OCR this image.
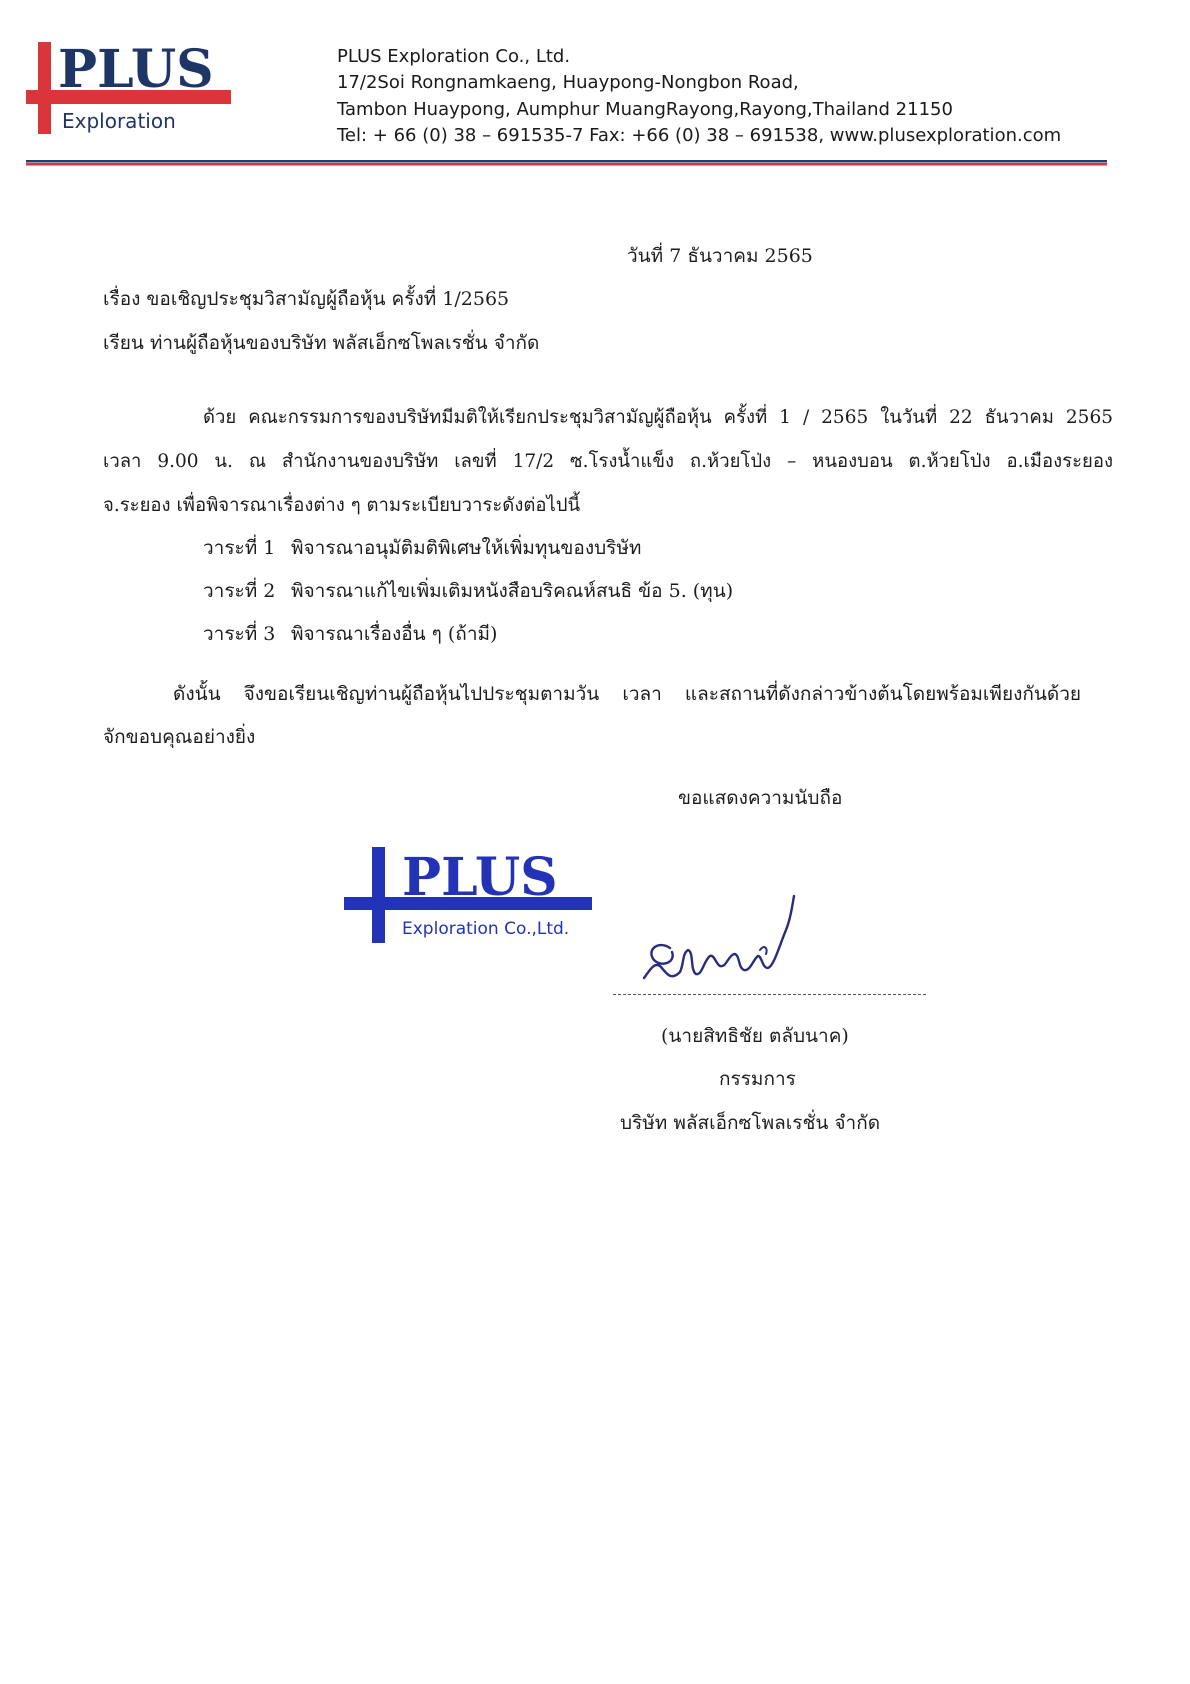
PLUS
Exploration
PLUS Exploration Co., Ltd.
17/2Soi Rongnamkaeng, Huaypong-Nongbon Road,
Tambon Huaypong, Aumphur MuangRayong,Rayong,Thailand 21150
Tel: + 66 (0) 38 – 691535-7 Fax: +66 (0) 38 – 691538, www.plusexploration.com
วันที่ 7 ธันวาคม 2565
เรื่อง ขอเชิญประชุมวิสามัญผู้ถือหุ้น ครั้งที่ 1/2565
เรียน ท่านผู้ถือหุ้นของบริษัท พลัสเอ็กซโพลเรชั่น จำกัด
ด้วย คณะกรรมการของบริษัทมีมติให้เรียกประชุมวิสามัญผู้ถือหุ้น ครั้งที่ 1 / 2565 ในวันที่ 22 ธันวาคม 2565
เวลา 9.00 น. ณ สำนักงานของบริษัท เลขที่ 17/2 ซ.โรงน้ำแข็ง ถ.ห้วยโป่ง – หนองบอน ต.ห้วยโป่ง อ.เมืองระยอง
จ.ระยอง เพื่อพิจารณาเรื่องต่าง ๆ ตามระเบียบวาระดังต่อไปนี้
วาระที่ 1 พิจารณาอนุมัติมติพิเศษให้เพิ่มทุนของบริษัท
วาระที่ 2 พิจารณาแก้ไขเพิ่มเติมหนังสือบริคณห์สนธิ ข้อ 5. (ทุน)
วาระที่ 3 พิจารณาเรื่องอื่น ๆ (ถ้ามี)
ดังนั้น จึงขอเรียนเชิญท่านผู้ถือหุ้นไปประชุมตามวัน เวลา และสถานที่ดังกล่าวข้างต้นโดยพร้อมเพียงกันด้วย
จักขอบคุณอย่างยิ่ง
ขอแสดงความนับถือ
PLUS
Exploration Co.,Ltd.
(นายสิทธิชัย ตลับนาค)
กรรมการ
บริษัท พลัสเอ็กซโพลเรชั่น จำกัด
